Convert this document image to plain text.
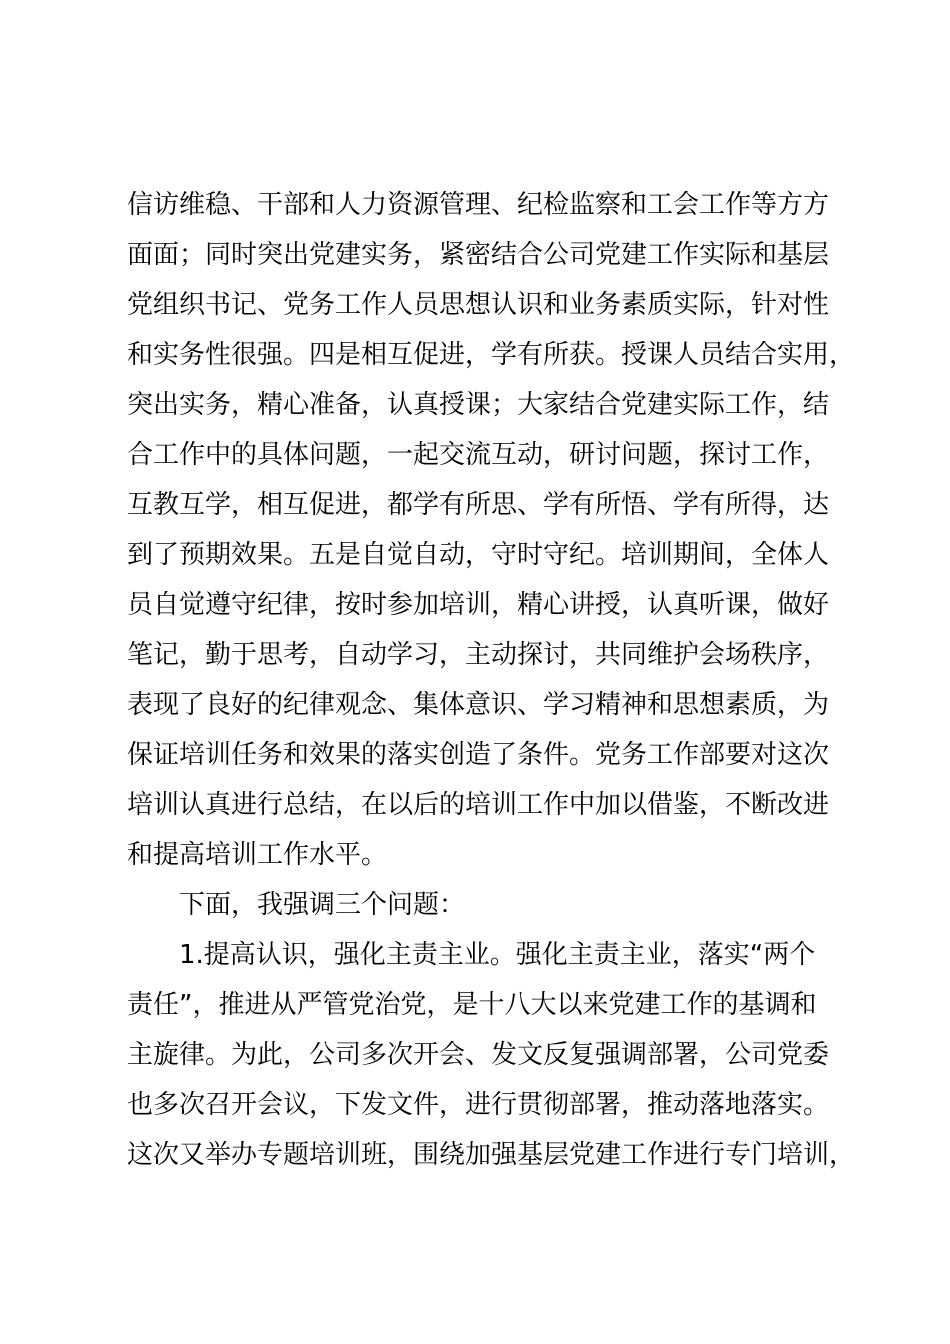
信访维稳、干部和人力资源管理、纪检监察和工会工作等方方
面面；同时突出党建实务，紧密结合公司党建工作实际和基层
党组织书记、党务工作人员思想认识和业务素质实际，针对性
和实务性很强。四是相互促进，学有所获。授课人员结合实用，
突出实务，精心准备，认真授课；大家结合党建实际工作，结
合工作中的具体问题，一起交流互动，研讨问题，探讨工作，
互教互学，相互促进，都学有所思、学有所悟、学有所得，达
到了预期效果。五是自觉自动，守时守纪。培训期间，全体人
员自觉遵守纪律，按时参加培训，精心讲授，认真听课，做好
笔记，勤于思考，自动学习，主动探讨，共同维护会场秩序，
表现了良好的纪律观念、集体意识、学习精神和思想素质，为
保证培训任务和效果的落实创造了条件。党务工作部要对这次
培训认真进行总结，在以后的培训工作中加以借鉴，不断改进
和提高培训工作水平。
下面，我强调三个问题：
1.提高认识，强化主责主业。强化主责主业，落实“两个
责任”，推进从严管党治党，是十八大以来党建工作的基调和
主旋律。为此，公司多次开会、发文反复强调部署，公司党委
也多次召开会议，下发文件，进行贯彻部署，推动落地落实。
这次又举办专题培训班，围绕加强基层党建工作进行专门培训，
